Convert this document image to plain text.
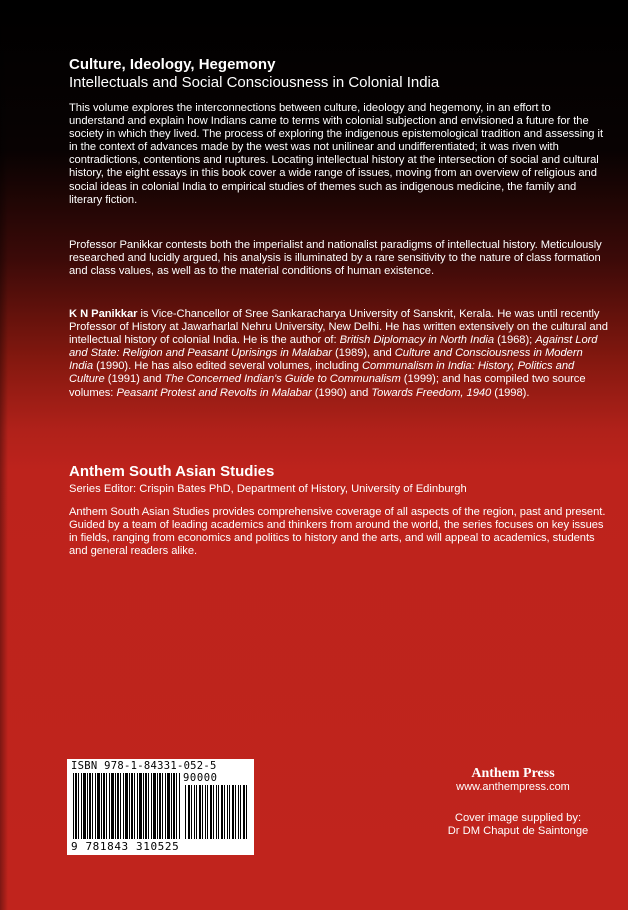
Culture, Ideology, Hegemony
Intellectuals and Social Consciousness in Colonial India

This volume explores the interconnections between culture, ideology and hegemony, in an effort to understand and explain how Indians came to terms with colonial subjection and envisioned a future for the society in which they lived. The process of exploring the indigenous epistemological tradition and assessing it in the context of advances made by the west was not unilinear and undifferentiated; it was riven with contradictions, contentions and ruptures. Locating intellectual history at the intersection of social and cultural history, the eight essays in this book cover a wide range of issues, moving from an overview of religious and social ideas in colonial India to empirical studies of themes such as indigenous medicine, the family and literary fiction.

Professor Panikkar contests both the imperialist and nationalist paradigms of intellectual history. Meticulously researched and lucidly argued, his analysis is illuminated by a rare sensitivity to the nature of class formation and class values, as well as to the material conditions of human existence.

K N Panikkar is Vice-Chancellor of Sree Sankaracharya University of Sanskrit, Kerala. He was until recently Professor of History at Jawarharlal Nehru University, New Delhi. He has written extensively on the cultural and intellectual history of colonial India. He is the author of: British Diplomacy in North India (1968); Against Lord and State: Religion and Peasant Uprisings in Malabar (1989), and Culture and Consciousness in Modern India (1990). He has also edited several volumes, including Communalism in India: History, Politics and Culture (1991) and The Concerned Indian's Guide to Communalism (1999); and has compiled two source volumes: Peasant Protest and Revolts in Malabar (1990) and Towards Freedom, 1940 (1998).

Anthem South Asian Studies
Series Editor: Crispin Bates PhD, Department of History, University of Edinburgh

Anthem South Asian Studies provides comprehensive coverage of all aspects of the region, past and present. Guided by a team of leading academics and thinkers from around the world, the series focuses on key issues in fields, ranging from economics and politics to history and the arts, and will appeal to academics, students and general readers alike.

ISBN 978-1-84331-052-5
90000
9 781843 310525
Anthem Press
www.anthempress.com
Cover image supplied by:
Dr DM Chaput de Saintonge
